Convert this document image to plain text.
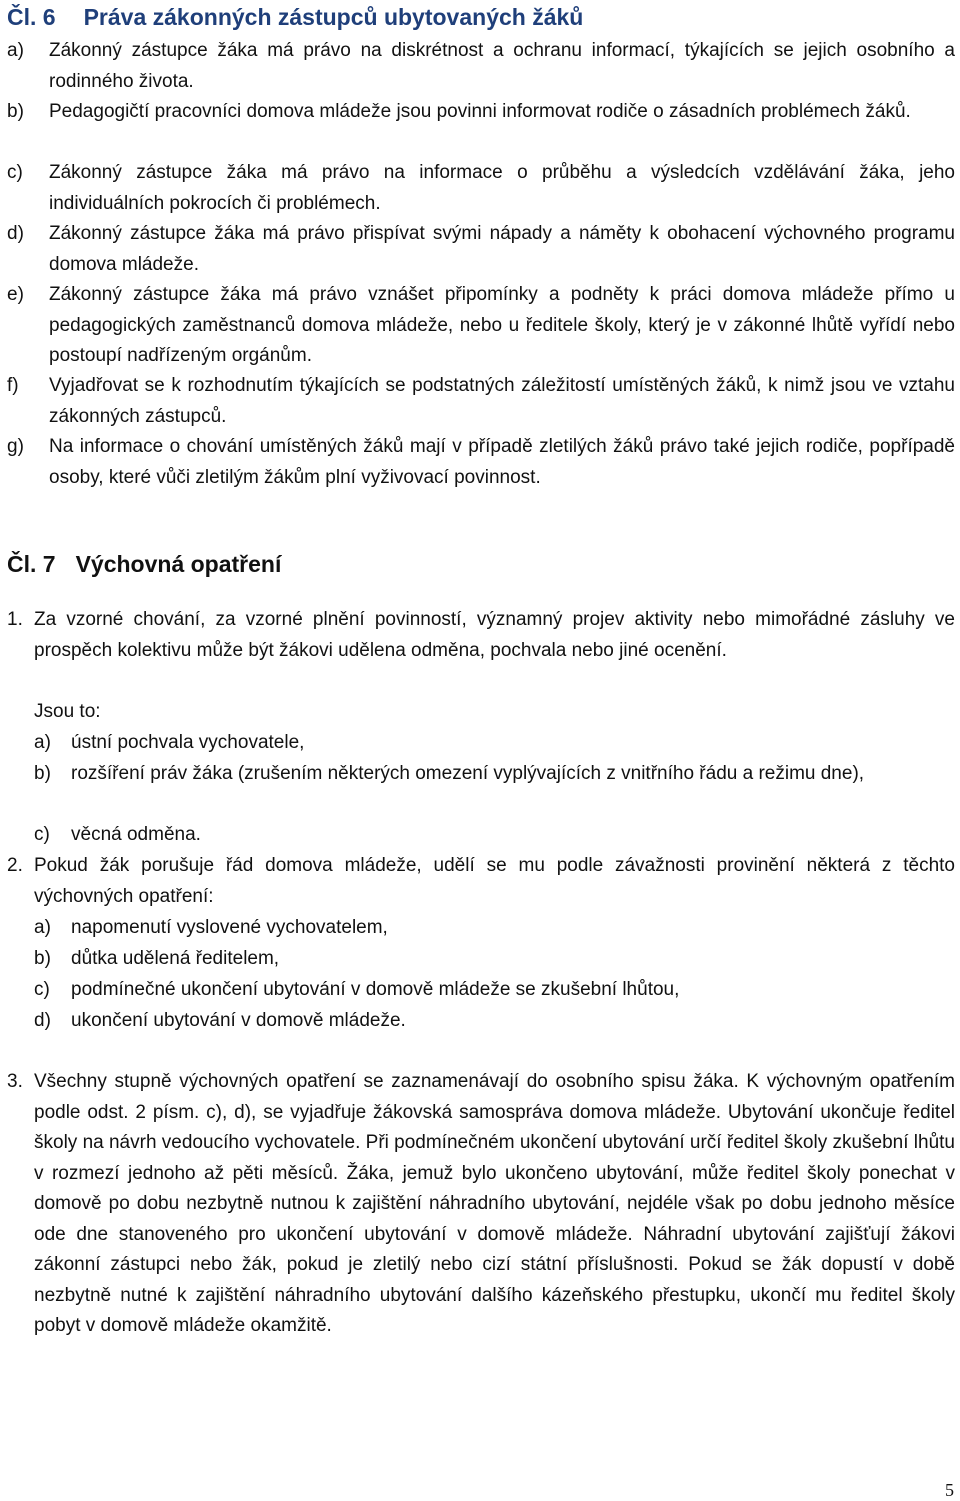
Čl. 6 Práva zákonných zástupců ubytovaných žáků
a) Zákonný zástupce žáka má právo na diskrétnost a ochranu informací, týkajících se jejich osobního a rodinného života.
b) Pedagogičtí pracovníci domova mládeže jsou povinni informovat rodiče o zásadních problémech žáků.
c) Zákonný zástupce žáka má právo na informace o průběhu a výsledcích vzdělávání žáka, jeho individuálních pokrocích či problémech.
d) Zákonný zástupce žáka má právo přispívat svými nápady a náměty k obohacení výchovného programu domova mládeže.
e) Zákonný zástupce žáka má právo vznášet připomínky a podněty k práci domova mládeže přímo u pedagogických zaměstnanců domova mládeže, nebo u ředitele školy, který je v zákonné lhůtě vyřídí nebo postoupí nadřízeným orgánům.
f) Vyjadřovat se k rozhodnutím týkajících se podstatných záležitostí umístěných žáků, k nimž jsou ve vztahu zákonných zástupců.
g) Na informace o chování umístěných žáků mají v případě zletilých žáků právo také jejich rodiče, popřípadě osoby, které vůči zletilým žákům plní vyživovací povinnost.
Čl. 7 Výchovná opatření
1. Za vzorné chování, za vzorné plnění povinností, významný projev aktivity nebo mimořádné zásluhy ve prospěch kolektivu může být žákovi udělena odměna, pochvala nebo jiné ocenění.
Jsou to:
a) ústní pochvala vychovatele,
b) rozšíření práv žáka (zrušením některých omezení vyplývajících z vnitřního řádu a režimu dne),
c) věcná odměna.
2. Pokud žák porušuje řád domova mládeže, udělí se mu podle závažnosti provinění některá z těchto výchovných opatření:
a) napomenutí vyslovené vychovatelem,
b) důtka udělená ředitelem,
c) podmínečné ukončení ubytování v domově mládeže se zkušební lhůtou,
d) ukončení ubytování v domově mládeže.
3. Všechny stupně výchovných opatření se zaznamenávají do osobního spisu žáka. K výchovným opatřením podle odst. 2 písm. c), d), se vyjadřuje žákovská samospráva domova mládeže. Ubytování ukončuje ředitel školy na návrh vedoucího vychovatele. Při podmínečném ukončení ubytování určí ředitel školy zkušební lhůtu v rozmezí jednoho až pěti měsíců. Žáka, jemuž bylo ukončeno ubytování, může ředitel školy ponechat v domově po dobu nezbytně nutnou k zajištění náhradního ubytování, nejdéle však po dobu jednoho měsíce ode dne stanoveného pro ukončení ubytování v domově mládeže. Náhradní ubytování zajišťují žákovi zákonní zástupci nebo žák, pokud je zletilý nebo cizí státní příslušnosti. Pokud se žák dopustí v době nezbytně nutné k zajištění náhradního ubytování dalšího kázeňského přestupku, ukončí mu ředitel školy pobyt v domově mládeže okamžitě.
5
